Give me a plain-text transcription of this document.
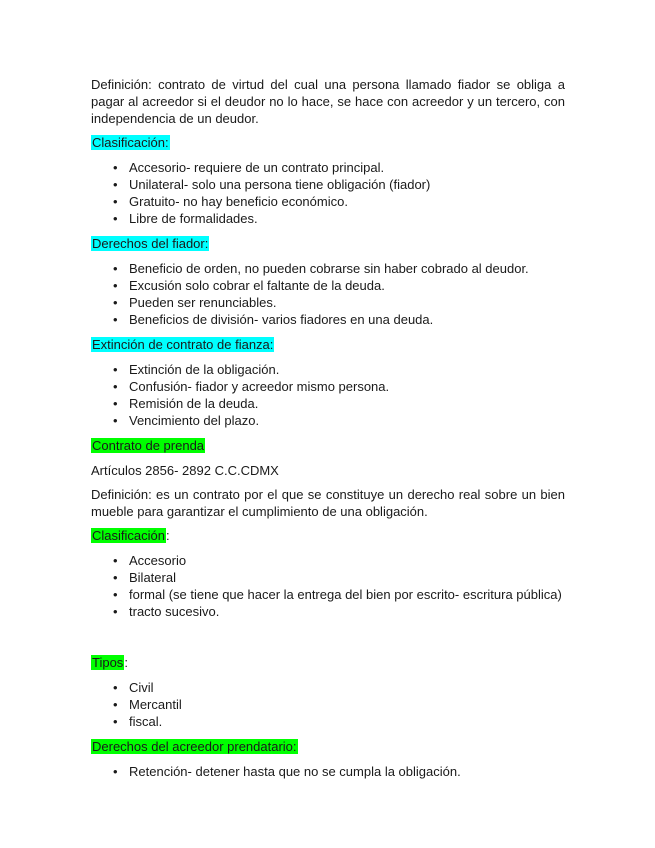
Definición: contrato de virtud del cual una persona llamado fiador se obliga a pagar al acreedor si el deudor no lo hace, se hace con acreedor y un tercero, con independencia de un deudor.

Clasificación:

• Accesorio- requiere de un contrato principal.
• Unilateral- solo una persona tiene obligación (fiador)
• Gratuito- no hay beneficio económico.
• Libre de formalidades.

Derechos del fiador:

• Beneficio de orden, no pueden cobrarse sin haber cobrado al deudor.
• Excusión solo cobrar el faltante de la deuda.
• Pueden ser renunciables.
• Beneficios de división- varios fiadores en una deuda.

Extinción de contrato de fianza:

• Extinción de la obligación.
• Confusión- fiador y acreedor mismo persona.
• Remisión de la deuda.
• Vencimiento del plazo.

Contrato de prenda

Artículos 2856- 2892 C.C.CDMX

Definición: es un contrato por el que se constituye un derecho real sobre un bien mueble para garantizar el cumplimiento de una obligación.

Clasificación:

• Accesorio
• Bilateral
• formal (se tiene que hacer la entrega del bien por escrito- escritura pública)
• tracto sucesivo.

Tipos:

• Civil
• Mercantil
• fiscal.

Derechos del acreedor prendatario:

• Retención- detener hasta que no se cumpla la obligación.
